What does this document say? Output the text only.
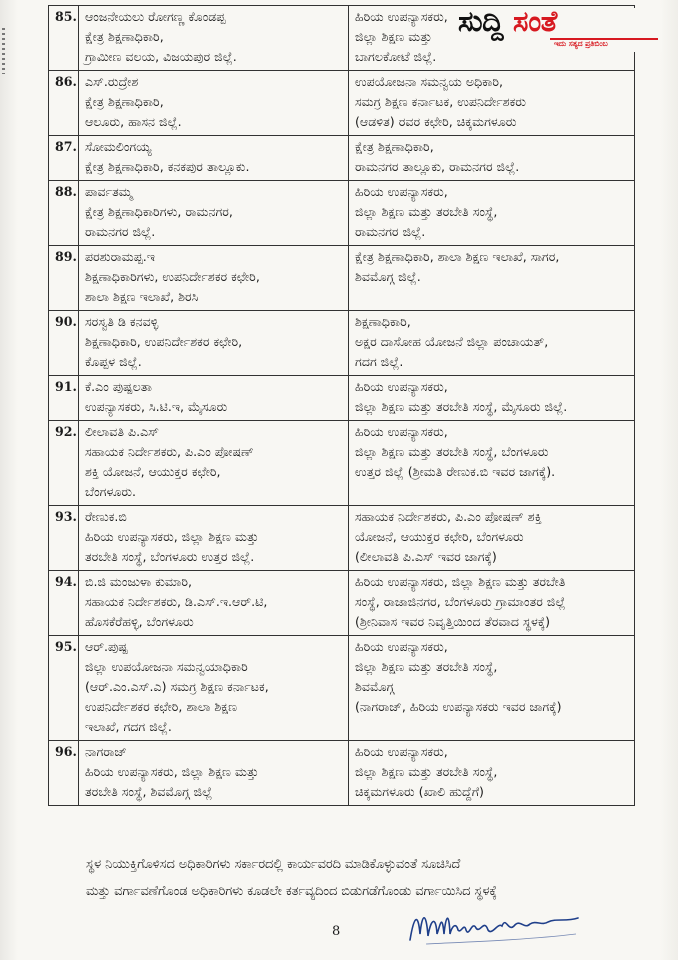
85.	ಆಂಜನೇಯಲು ರೋಗಣ್ಣ ಕೊಂಡಪ್ಪ
ಕ್ಷೇತ್ರ ಶಿಕ್ಷಣಾಧಿಕಾರಿ,
ಗ್ರಾಮೀಣ ವಲಯ, ವಿಜಯಪುರ ಜಿಲ್ಲೆ.	ಹಿರಿಯ ಉಪನ್ಯಾಸಕರು,
ಜಿಲ್ಲಾ ಶಿಕ್ಷಣ ಮತ್ತು
ಬಾಗಲಕೋಟೆ ಜಿಲ್ಲೆ.

86.	ಎಸ್.ರುದ್ರೇಶ
ಕ್ಷೇತ್ರ ಶಿಕ್ಷಣಾಧಿಕಾರಿ,
ಆಲೂರು, ಹಾಸನ ಜಿಲ್ಲೆ.	ಉಪಯೋಜನಾ ಸಮನ್ವಯ ಅಧಿಕಾರಿ,
ಸಮಗ್ರ ಶಿಕ್ಷಣ ಕರ್ನಾಟಕ, ಉಪನಿರ್ದೇಶಕರು
(ಆಡಳಿತ) ರವರ ಕಛೇರಿ, ಚಿಕ್ಕಮಗಳೂರು

87.	ಸೋಮಲಿಂಗಯ್ಯ
ಕ್ಷೇತ್ರ ಶಿಕ್ಷಣಾಧಿಕಾರಿ, ಕನಕಪುರ ತಾಲ್ಲೂಕು.	ಕ್ಷೇತ್ರ ಶಿಕ್ಷಣಾಧಿಕಾರಿ,
ರಾಮನಗರ ತಾಲ್ಲೂಕು, ರಾಮನಗರ ಜಿಲ್ಲೆ.

88.	ಪಾರ್ವತಮ್ಮ
ಕ್ಷೇತ್ರ ಶಿಕ್ಷಣಾಧಿಕಾರಿಗಳು, ರಾಮನಗರ,
ರಾಮನಗರ ಜಿಲ್ಲೆ.	ಹಿರಿಯ ಉಪನ್ಯಾಸಕರು,
ಜಿಲ್ಲಾ ಶಿಕ್ಷಣ ಮತ್ತು ತರಬೇತಿ ಸಂಸ್ಥೆ,
ರಾಮನಗರ ಜಿಲ್ಲೆ.

89.	ಪರಶುರಾಮಪ್ಪ.ಇ
ಶಿಕ್ಷಣಾಧಿಕಾರಿಗಳು, ಉಪನಿರ್ದೇಶಕರ ಕಛೇರಿ,
ಶಾಲಾ ಶಿಕ್ಷಣ ಇಲಾಖೆ, ಶಿರಸಿ	ಕ್ಷೇತ್ರ ಶಿಕ್ಷಣಾಧಿಕಾರಿ, ಶಾಲಾ ಶಿಕ್ಷಣ ಇಲಾಖೆ, ಸಾಗರ,
ಶಿವಮೊಗ್ಗ ಜಿಲ್ಲೆ.

90.	ಸರಸ್ವತಿ ಡಿ ಕನವಳ್ಳಿ
ಶಿಕ್ಷಣಾಧಿಕಾರಿ, ಉಪನಿರ್ದೇಶಕರ ಕಛೇರಿ,
ಕೊಪ್ಪಳ ಜಿಲ್ಲೆ.	ಶಿಕ್ಷಣಾಧಿಕಾರಿ,
ಅಕ್ಷರ ದಾಸೋಹ ಯೋಜನೆ ಜಿಲ್ಲಾ ಪಂಚಾಯತ್,
ಗದಗ ಜಿಲ್ಲೆ.

91.	ಕೆ.ಎಂ ಪುಷ್ಪಲತಾ
ಉಪನ್ಯಾಸಕರು, ಸಿ.ಟಿ.ಇ, ಮೈಸೂರು	ಹಿರಿಯ ಉಪನ್ಯಾಸಕರು,
ಜಿಲ್ಲಾ ಶಿಕ್ಷಣ ಮತ್ತು ತರಬೇತಿ ಸಂಸ್ಥೆ, ಮೈಸೂರು ಜಿಲ್ಲೆ.

92.	ಲೀಲಾವತಿ ಪಿ.ಎಸ್
ಸಹಾಯಕ ನಿರ್ದೇಶಕರು, ಪಿ.ಎಂ ಪೋಷಣ್
ಶಕ್ತಿ ಯೋಜನೆ, ಆಯುಕ್ತರ ಕಛೇರಿ,
ಬೆಂಗಳೂರು.	ಹಿರಿಯ ಉಪನ್ಯಾಸಕರು,
ಜಿಲ್ಲಾ ಶಿಕ್ಷಣ ಮತ್ತು ತರಬೇತಿ ಸಂಸ್ಥೆ, ಬೆಂಗಳೂರು
ಉತ್ತರ ಜಿಲ್ಲೆ (ಶ್ರೀಮತಿ ರೇಣುಕ.ಬಿ ಇವರ ಜಾಗಕ್ಕೆ).

93.	ರೇಣುಕ.ಬಿ
ಹಿರಿಯ ಉಪನ್ಯಾಸಕರು, ಜಿಲ್ಲಾ ಶಿಕ್ಷಣ ಮತ್ತು
ತರಬೇತಿ ಸಂಸ್ಥೆ, ಬೆಂಗಳೂರು ಉತ್ತರ ಜಿಲ್ಲೆ.	ಸಹಾಯಕ ನಿರ್ದೇಶಕರು, ಪಿ.ಎಂ ಪೋಷಣ್ ಶಕ್ತಿ
ಯೋಜನೆ, ಆಯುಕ್ತರ ಕಛೇರಿ, ಬೆಂಗಳೂರು
(ಲೀಲಾವತಿ ಪಿ.ಎಸ್ ಇವರ ಜಾಗಕ್ಕೆ)

94.	ಬಿ.ಜಿ ಮಂಜುಳಾ ಕುಮಾರಿ,
ಸಹಾಯಕ ನಿರ್ದೇಶಕರು, ಡಿ.ಎಸ್.ಇ.ಆರ್.ಟಿ,
ಹೊಸಕೆರೆಹಳ್ಳಿ, ಬೆಂಗಳೂರು	ಹಿರಿಯ ಉಪನ್ಯಾಸಕರು, ಜಿಲ್ಲಾ ಶಿಕ್ಷಣ ಮತ್ತು ತರಬೇತಿ
ಸಂಸ್ಥೆ, ರಾಜಾಜಿನಗರ, ಬೆಂಗಳೂರು ಗ್ರಾಮಾಂತರ ಜಿಲ್ಲೆ
(ಶ್ರೀನಿವಾಸ ಇವರ ನಿವೃತ್ತಿಯಿಂದ ತೆರವಾದ ಸ್ಥಳಕ್ಕೆ)

95.	ಆರ್.ಪುಷ್ಪ
ಜಿಲ್ಲಾ ಉಪಯೋಜನಾ ಸಮನ್ವಯಾಧಿಕಾರಿ
(ಆರ್.ಎಂ.ಎಸ್.ಎ) ಸಮಗ್ರ ಶಿಕ್ಷಣ ಕರ್ನಾಟಕ,
ಉಪನಿರ್ದೇಶಕರ ಕಛೇರಿ, ಶಾಲಾ ಶಿಕ್ಷಣ
ಇಲಾಖೆ, ಗದಗ ಜಿಲ್ಲೆ.	ಹಿರಿಯ ಉಪನ್ಯಾಸಕರು,
ಜಿಲ್ಲಾ ಶಿಕ್ಷಣ ಮತ್ತು ತರಬೇತಿ ಸಂಸ್ಥೆ,
ಶಿವಮೊಗ್ಗ
(ನಾಗರಾಜ್, ಹಿರಿಯ ಉಪನ್ಯಾಸಕರು ಇವರ ಜಾಗಕ್ಕೆ)

96.	ನಾಗರಾಜ್
ಹಿರಿಯ ಉಪನ್ಯಾಸಕರು, ಜಿಲ್ಲಾ ಶಿಕ್ಷಣ ಮತ್ತು
ತರಬೇತಿ ಸಂಸ್ಥೆ, ಶಿವಮೊಗ್ಗ ಜಿಲ್ಲೆ	ಹಿರಿಯ ಉಪನ್ಯಾಸಕರು,
ಜಿಲ್ಲಾ ಶಿಕ್ಷಣ ಮತ್ತು ತರಬೇತಿ ಸಂಸ್ಥೆ,
ಚಿಕ್ಕಮಗಳೂರು (ಖಾಲಿ ಹುದ್ದೆಗೆ)
ಸುದ್ದಿ ಸಂತೆ
ಇದು ಸತ್ಯದ ಪ್ರತಿಬಿಂಬ
ಸ್ಥಳ ನಿಯುಕ್ತಿಗೊಳಿಸದ ಅಧಿಕಾರಿಗಳು ಸರ್ಕಾರದಲ್ಲಿ ಕಾರ್ಯವರದಿ ಮಾಡಿಕೊಳ್ಳುವಂತೆ ಸೂಚಿಸಿದೆ
ಮತ್ತು ವರ್ಗಾವಣೆಗೊಂಡ ಅಧಿಕಾರಿಗಳು ಕೂಡಲೇ ಕರ್ತವ್ಯದಿಂದ ಬಿಡುಗಡೆಗೊಂಡು ವರ್ಗಾಯಿಸಿದ ಸ್ಥಳಕ್ಕೆ
8
